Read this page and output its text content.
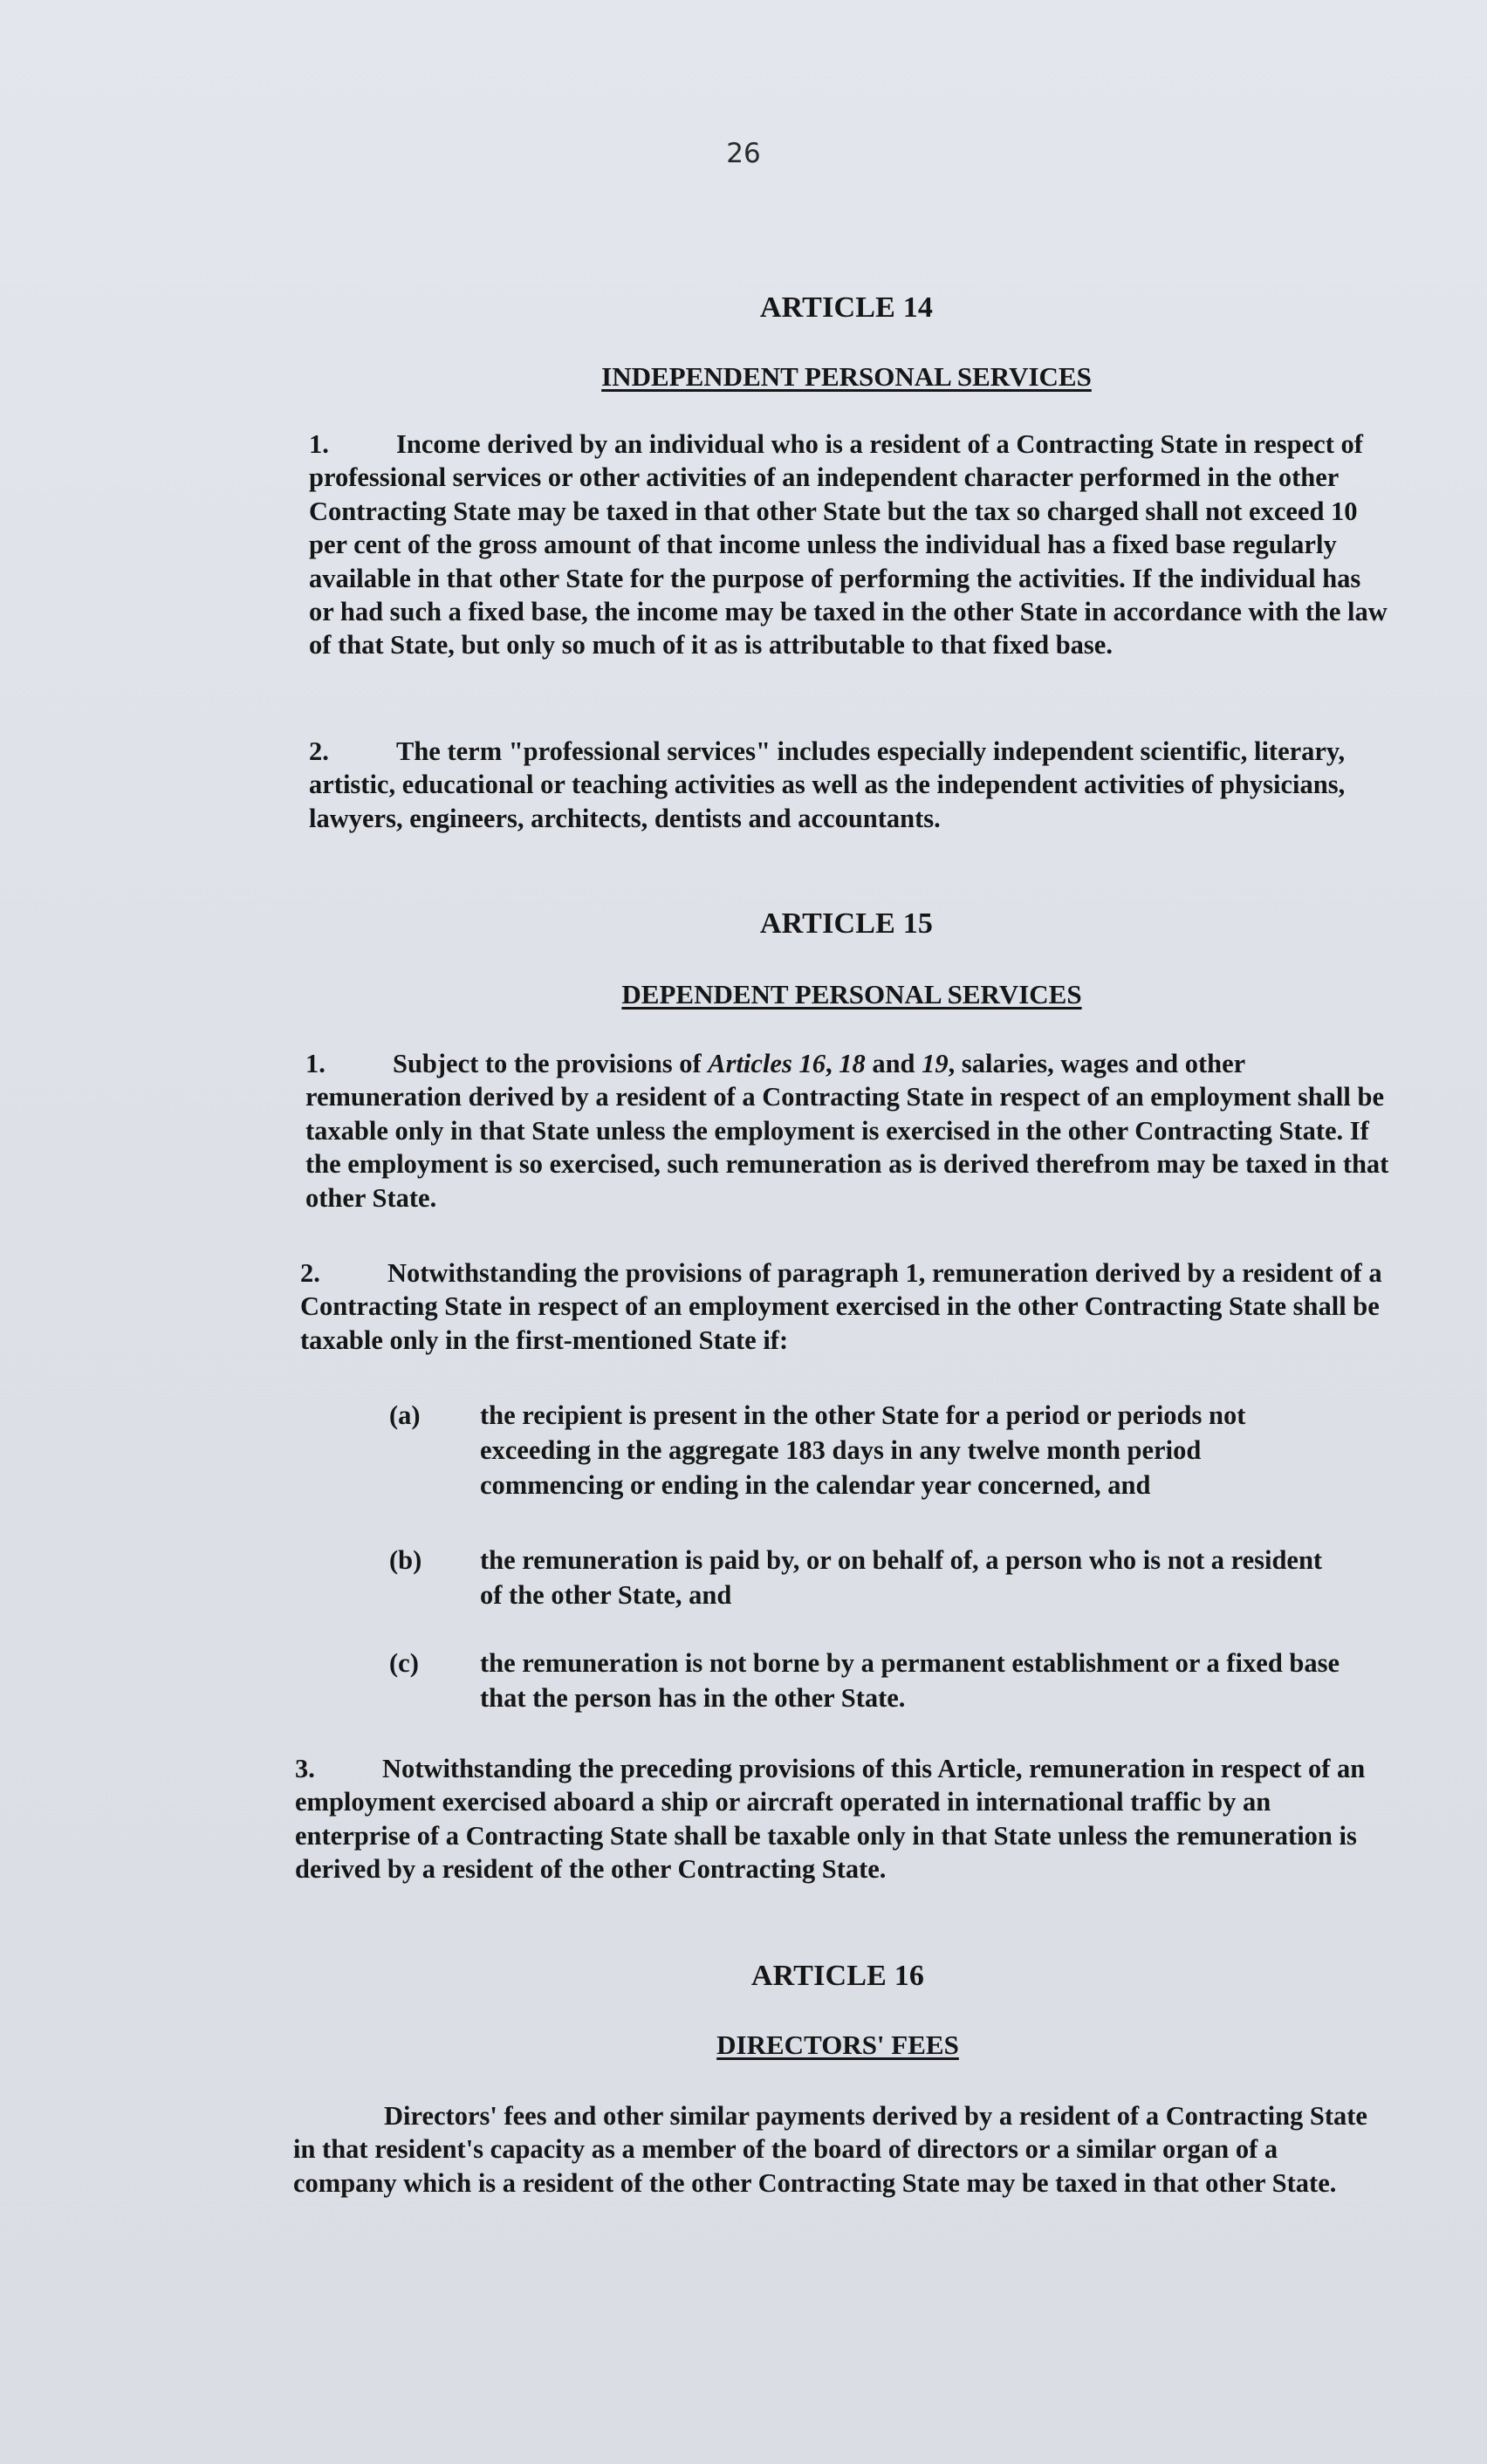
26
ARTICLE 14
INDEPENDENT PERSONAL SERVICES
1.	Income derived by an individual who is a resident of a Contracting State in respect of professional services or other activities of an independent character performed in the other Contracting State may be taxed in that other State but the tax so charged shall not exceed 10 per cent of the gross amount of that income unless the individual has a fixed base regularly available in that other State for the purpose of performing the activities. If the individual has or had such a fixed base, the income may be taxed in the other State in accordance with the law of that State, but only so much of it as is attributable to that fixed base.
2.	The term "professional services" includes especially independent scientific, literary, artistic, educational or teaching activities as well as the independent activities of physicians, lawyers, engineers, architects, dentists and accountants.
ARTICLE 15
DEPENDENT PERSONAL SERVICES
1.	Subject to the provisions of Articles 16, 18 and 19, salaries, wages and other remuneration derived by a resident of a Contracting State in respect of an employment shall be taxable only in that State unless the employment is exercised in the other Contracting State. If the employment is so exercised, such remuneration as is derived therefrom may be taxed in that other State.
2.	Notwithstanding the provisions of paragraph 1, remuneration derived by a resident of a Contracting State in respect of an employment exercised in the other Contracting State shall be taxable only in the first-mentioned State if:
(a) the recipient is present in the other State for a period or periods not exceeding in the aggregate 183 days in any twelve month period commencing or ending in the calendar year concerned, and
(b) the remuneration is paid by, or on behalf of, a person who is not a resident of the other State, and
(c) the remuneration is not borne by a permanent establishment or a fixed base that the person has in the other State.
3.	Notwithstanding the preceding provisions of this Article, remuneration in respect of an employment exercised aboard a ship or aircraft operated in international traffic by an enterprise of a Contracting State shall be taxable only in that State unless the remuneration is derived by a resident of the other Contracting State.
ARTICLE 16
DIRECTORS' FEES
Directors' fees and other similar payments derived by a resident of a Contracting State in that resident's capacity as a member of the board of directors or a similar organ of a company which is a resident of the other Contracting State may be taxed in that other State.
